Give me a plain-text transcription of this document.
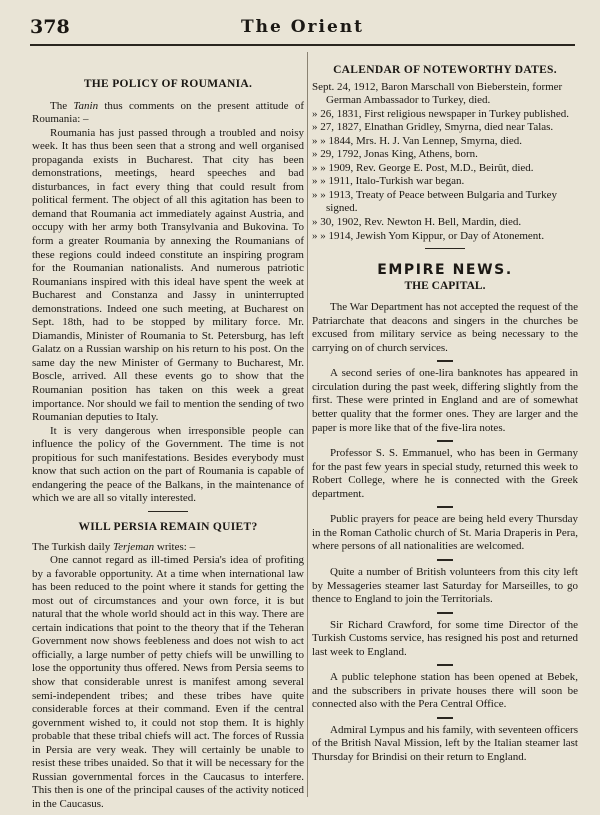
378	The Orient
THE POLICY OF ROUMANIA.

The Tanin thus comments on the present attitude of Roumania: –

Roumania has just passed through a troubled and noisy week. It has thus been seen that a strong and well organised propaganda exists in Bucharest. That city has been demonstrations, meetings, heard speeches and bad disturbances, in fact every thing that could result from political ferment. The object of all this agitation has been to demand that Roumania act immediately against Austria, and occupy with her army both Transylvania and Bukovina. To form a greater Roumania by annexing the Roumanians of these regions could indeed constitute an inspiring program for the Roumanian nationalists. And numerous patriotic Roumanians inspired with this ideal have spent the week at Bucharest and Constanza and Jassy in uninterrupted demonstrations. Indeed one such meeting, at Bucharest on Sept. 18th, had to be stopped by military force. Mr. Diamandis, Minister of Roumania to St. Petersburg, has left Galatz on a Russian warship on his return to his post. On the same day the new Minister of Germany to Bucharest, Mr. Boscle, arrived. All these events go to show that the Roumanian position has taken on this week a great importance. Nor should we fail to mention the sending of two Roumanian deputies to Italy.

It is very dangerous when irresponsible people can influence the policy of the Government. The time is not propitious for such manifestations. Besides everybody must know that such action on the part of Roumania is capable of endangering the peace of the Balkans, in the maintenance of which we are all so vitally interested.

WILL PERSIA REMAIN QUIET?

The Turkish daily Terjeman writes: –

One cannot regard as ill-timed Persia's idea of profiting by a favorable opportunity. At a time when international law has been reduced to the point where it stands for getting the most out of circumstances and your own force, it is but natural that the whole world should act in this way. There are certain indications that point to the theory that if the Teheran Government now shows feebleness and does not wish to act officially, a large number of petty chiefs will be unwilling to lose the opportunity thus offered. News from Persia seems to show that considerable unrest is manifest among several semi-independent tribes; and these tribes have quite considerable forces at their command. Even if the central government wished to, it could not stop them. It is highly probable that these tribal chiefs will act. The forces of Russia in Persia are very weak. They will certainly be unable to resist these tribes unaided. So that it will be necessary for the Russian governmental forces in the Caucasus to interfere. This then is one of the principal causes of the activity noticed in the Caucasus.

CALENDAR OF NOTEWORTHY DATES.

Sept. 24, 1912, Baron Marschall von Bieberstein, former German Ambassador to Turkey, died.

» 26, 1831, First religious newspaper in Turkey published.

» 27, 1827, Elnathan Gridley, Smyrna, died near Talas.

» » 1844, Mrs. H. J. Van Lennep, Smyrna, died.

» 29, 1792, Jonas King, Athens, born.

» » 1909, Rev. George E. Post, M.D., Beirût, died.

» » 1911, Italo-Turkish war began.

» » 1913, Treaty of Peace between Bulgaria and Turkey signed.

» 30, 1902, Rev. Newton H. Bell, Mardin, died.

» » 1914, Jewish Yom Kippur, or Day of Atonement.

EMPIRE NEWS.
THE CAPITAL.

The War Department has not accepted the request of the Patriarchate that deacons and singers in the churches be excused from military service as being necessary to the carrying on of church services.

A second series of one-lira banknotes has appeared in circulation during the past week, differing slightly from the first. These were printed in England and are of somewhat better quality that the former ones. They are larger and the paper is more like that of the five-lira notes.

Professor S. S. Emmanuel, who has been in Germany for the past few years in special study, returned this week to Robert College, where he is connected with the Greek department.

Public prayers for peace are being held every Thursday in the Roman Catholic church of St. Maria Draperis in Pera, where persons of all nationalities are welcomed.

Quite a number of British volunteers from this city left by Messageries steamer last Saturday for Marseilles, to go thence to England to join the Territorials.

Sir Richard Crawford, for some time Director of the Turkish Customs service, has resigned his post and returned last week to England.

A public telephone station has been opened at Bebek, and the subscribers in private houses there will soon be connected also with the Pera Central Office.

Admiral Lympus and his family, with seventeen officers of the British Naval Mission, left by the Italian steamer last Thursday for Brindisi on their return to England.
